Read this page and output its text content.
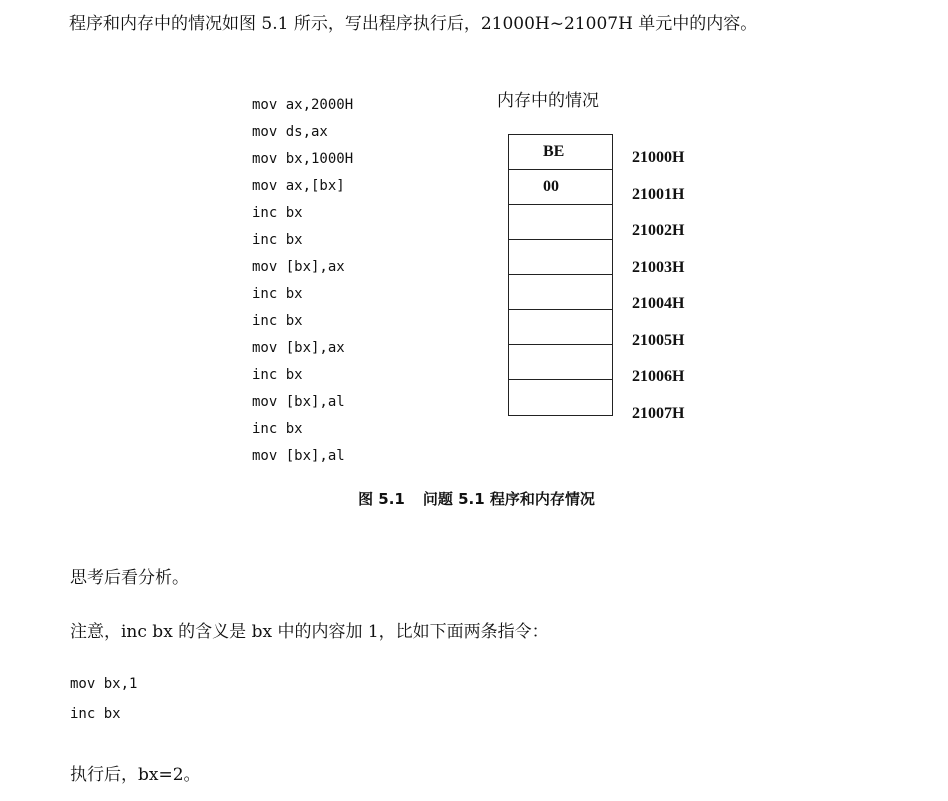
程序和内存中的情况如图 5.1 所示，写出程序执行后，21000H~21007H 单元中的内容。

mov ax,2000H
mov ds,ax
mov bx,1000H
mov ax,[bx]
inc bx
inc bx
mov [bx],ax
inc bx
inc bx
mov [bx],ax
inc bx
mov [bx],al
inc bx
mov [bx],al
内存中的情况
BE
00
21000H
21001H
21002H
21003H
21004H
21005H
21006H
21007H
图 5.1 问题 5.1 程序和内存情况

思考后看分析。

注意，inc bx 的含义是 bx 中的内容加 1，比如下面两条指令：

mov bx,1
inc bx

执行后，bx=2。
